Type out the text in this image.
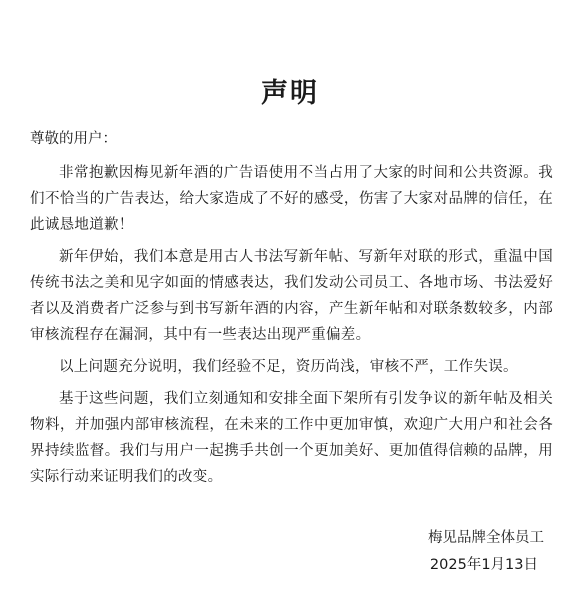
声明

尊敬的用户：

非常抱歉因梅见新年酒的广告语使用不当占用了大家的时间和公共资源。我们不恰当的广告表达，给大家造成了不好的感受，伤害了大家对品牌的信任，在此诚恳地道歉！

新年伊始，我们本意是用古人书法写新年帖、写新年对联的形式，重温中国传统书法之美和见字如面的情感表达，我们发动公司员工、各地市场、书法爱好者以及消费者广泛参与到书写新年酒的内容，产生新年帖和对联条数较多，内部审核流程存在漏洞，其中有一些表达出现严重偏差。

以上问题充分说明，我们经验不足，资历尚浅，审核不严，工作失误。

基于这些问题，我们立刻通知和安排全面下架所有引发争议的新年帖及相关物料，并加强内部审核流程，在未来的工作中更加审慎，欢迎广大用户和社会各界持续监督。我们与用户一起携手共创一个更加美好、更加值得信赖的品牌，用实际行动来证明我们的改变。

梅见品牌全体员工

2025年1月13日
